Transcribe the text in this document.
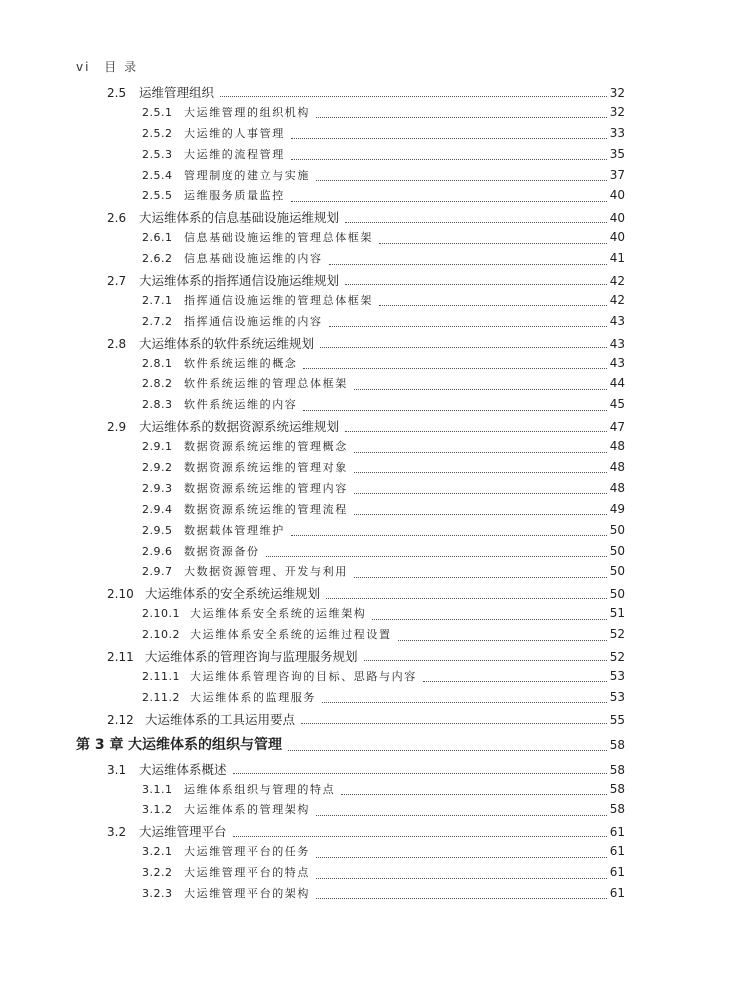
vi 目 录
2.5	运维管理组织	32
2.5.1	大运维管理的组织机构	32
2.5.2	大运维的人事管理	33
2.5.3	大运维的流程管理	35
2.5.4	管理制度的建立与实施	37
2.5.5	运维服务质量监控	40
2.6	大运维体系的信息基础设施运维规划	40
2.6.1	信息基础设施运维的管理总体框架	40
2.6.2	信息基础设施运维的内容	41
2.7	大运维体系的指挥通信设施运维规划	42
2.7.1	指挥通信设施运维的管理总体框架	42
2.7.2	指挥通信设施运维的内容	43
2.8	大运维体系的软件系统运维规划	43
2.8.1	软件系统运维的概念	43
2.8.2	软件系统运维的管理总体框架	44
2.8.3	软件系统运维的内容	45
2.9	大运维体系的数据资源系统运维规划	47
2.9.1	数据资源系统运维的管理概念	48
2.9.2	数据资源系统运维的管理对象	48
2.9.3	数据资源系统运维的管理内容	48
2.9.4	数据资源系统运维的管理流程	49
2.9.5	数据载体管理维护	50
2.9.6	数据资源备份	50
2.9.7	大数据资源管理、开发与利用	50
2.10 大运维体系的安全系统运维规划	50
2.10.1 大运维体系安全系统的运维架构	51
2.10.2 大运维体系安全系统的运维过程设置	52
2.11 大运维体系的管理咨询与监理服务规划	52
2.11.1 大运维体系管理咨询的目标、思路与内容	53
2.11.2 大运维体系的监理服务	53
2.12 大运维体系的工具运用要点	55
第 3 章 大运维体系的组织与管理	58
3.1	大运维体系概述	58
3.1.1	运维体系组织与管理的特点	58
3.1.2	大运维体系的管理架构	58
3.2	大运维管理平台	61
3.2.1	大运维管理平台的任务	61
3.2.2	大运维管理平台的特点	61
3.2.3	大运维管理平台的架构	61
